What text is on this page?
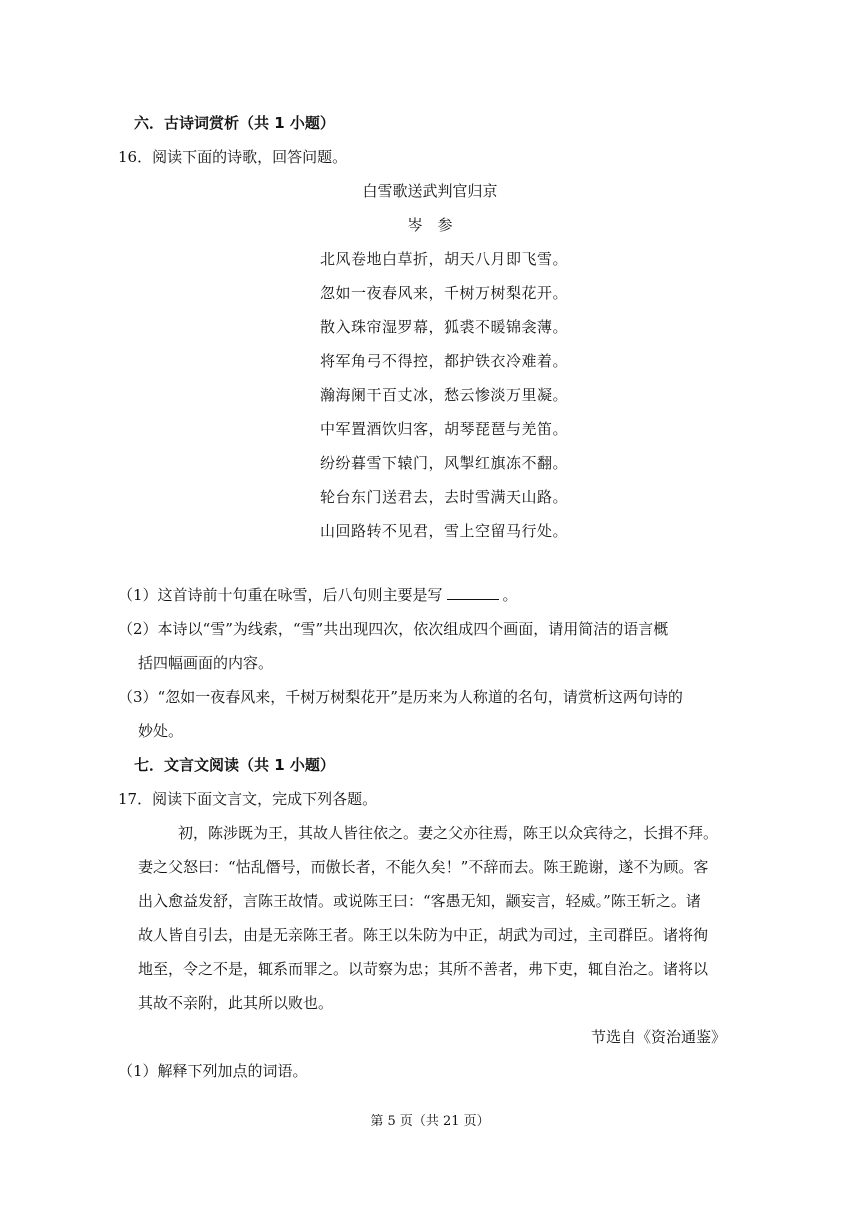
六．古诗词赏析（共 1 小题）
16．阅读下面的诗歌，回答问题。
白雪歌送武判官归京
岑　参
北风卷地白草折，胡天八月即飞雪。
忽如一夜春风来，千树万树梨花开。
散入珠帘湿罗幕，狐裘不暖锦衾薄。
将军角弓不得控，都护铁衣冷难着。
瀚海阑干百丈冰，愁云惨淡万里凝。
中军置酒饮归客，胡琴琵琶与羌笛。
纷纷暮雪下辕门，风掣红旗冻不翻。
轮台东门送君去，去时雪满天山路。
山回路转不见君，雪上空留马行处。
（1）这首诗前十句重在咏雪，后八句则主要是写	。
（2）本诗以“雪”为线索，“雪”共出现四次，依次组成四个画面，请用简洁的语言概
括四幅画面的内容。
（3）“忽如一夜春风来，千树万树梨花开”是历来为人称道的名句，请赏析这两句诗的
妙处。
七．文言文阅读（共 1 小题）
17．阅读下面文言文，完成下列各题。
初，陈涉既为王，其故人皆往依之。妻之父亦往焉，陈王以众宾待之，长揖不拜。
妻之父怒曰：“怙乱僭号，而傲长者，不能久矣！”不辞而去。陈王跪谢，遂不为顾。客
出入愈益发舒，言陈王故情。或说陈王曰：“客愚无知，颛妄言，轻威。”陈王斩之。诸
故人皆自引去，由是无亲陈王者。陈王以朱防为中正，胡武为司过，主司群臣。诸将徇
地至，令之不是，辄系而罪之。以苛察为忠；其所不善者，弗下吏，辄自治之。诸将以
其故不亲附，此其所以败也。
节选自《资治通鉴》
（1）解释下列加点的词语。
第 5 页（共 21 页）
